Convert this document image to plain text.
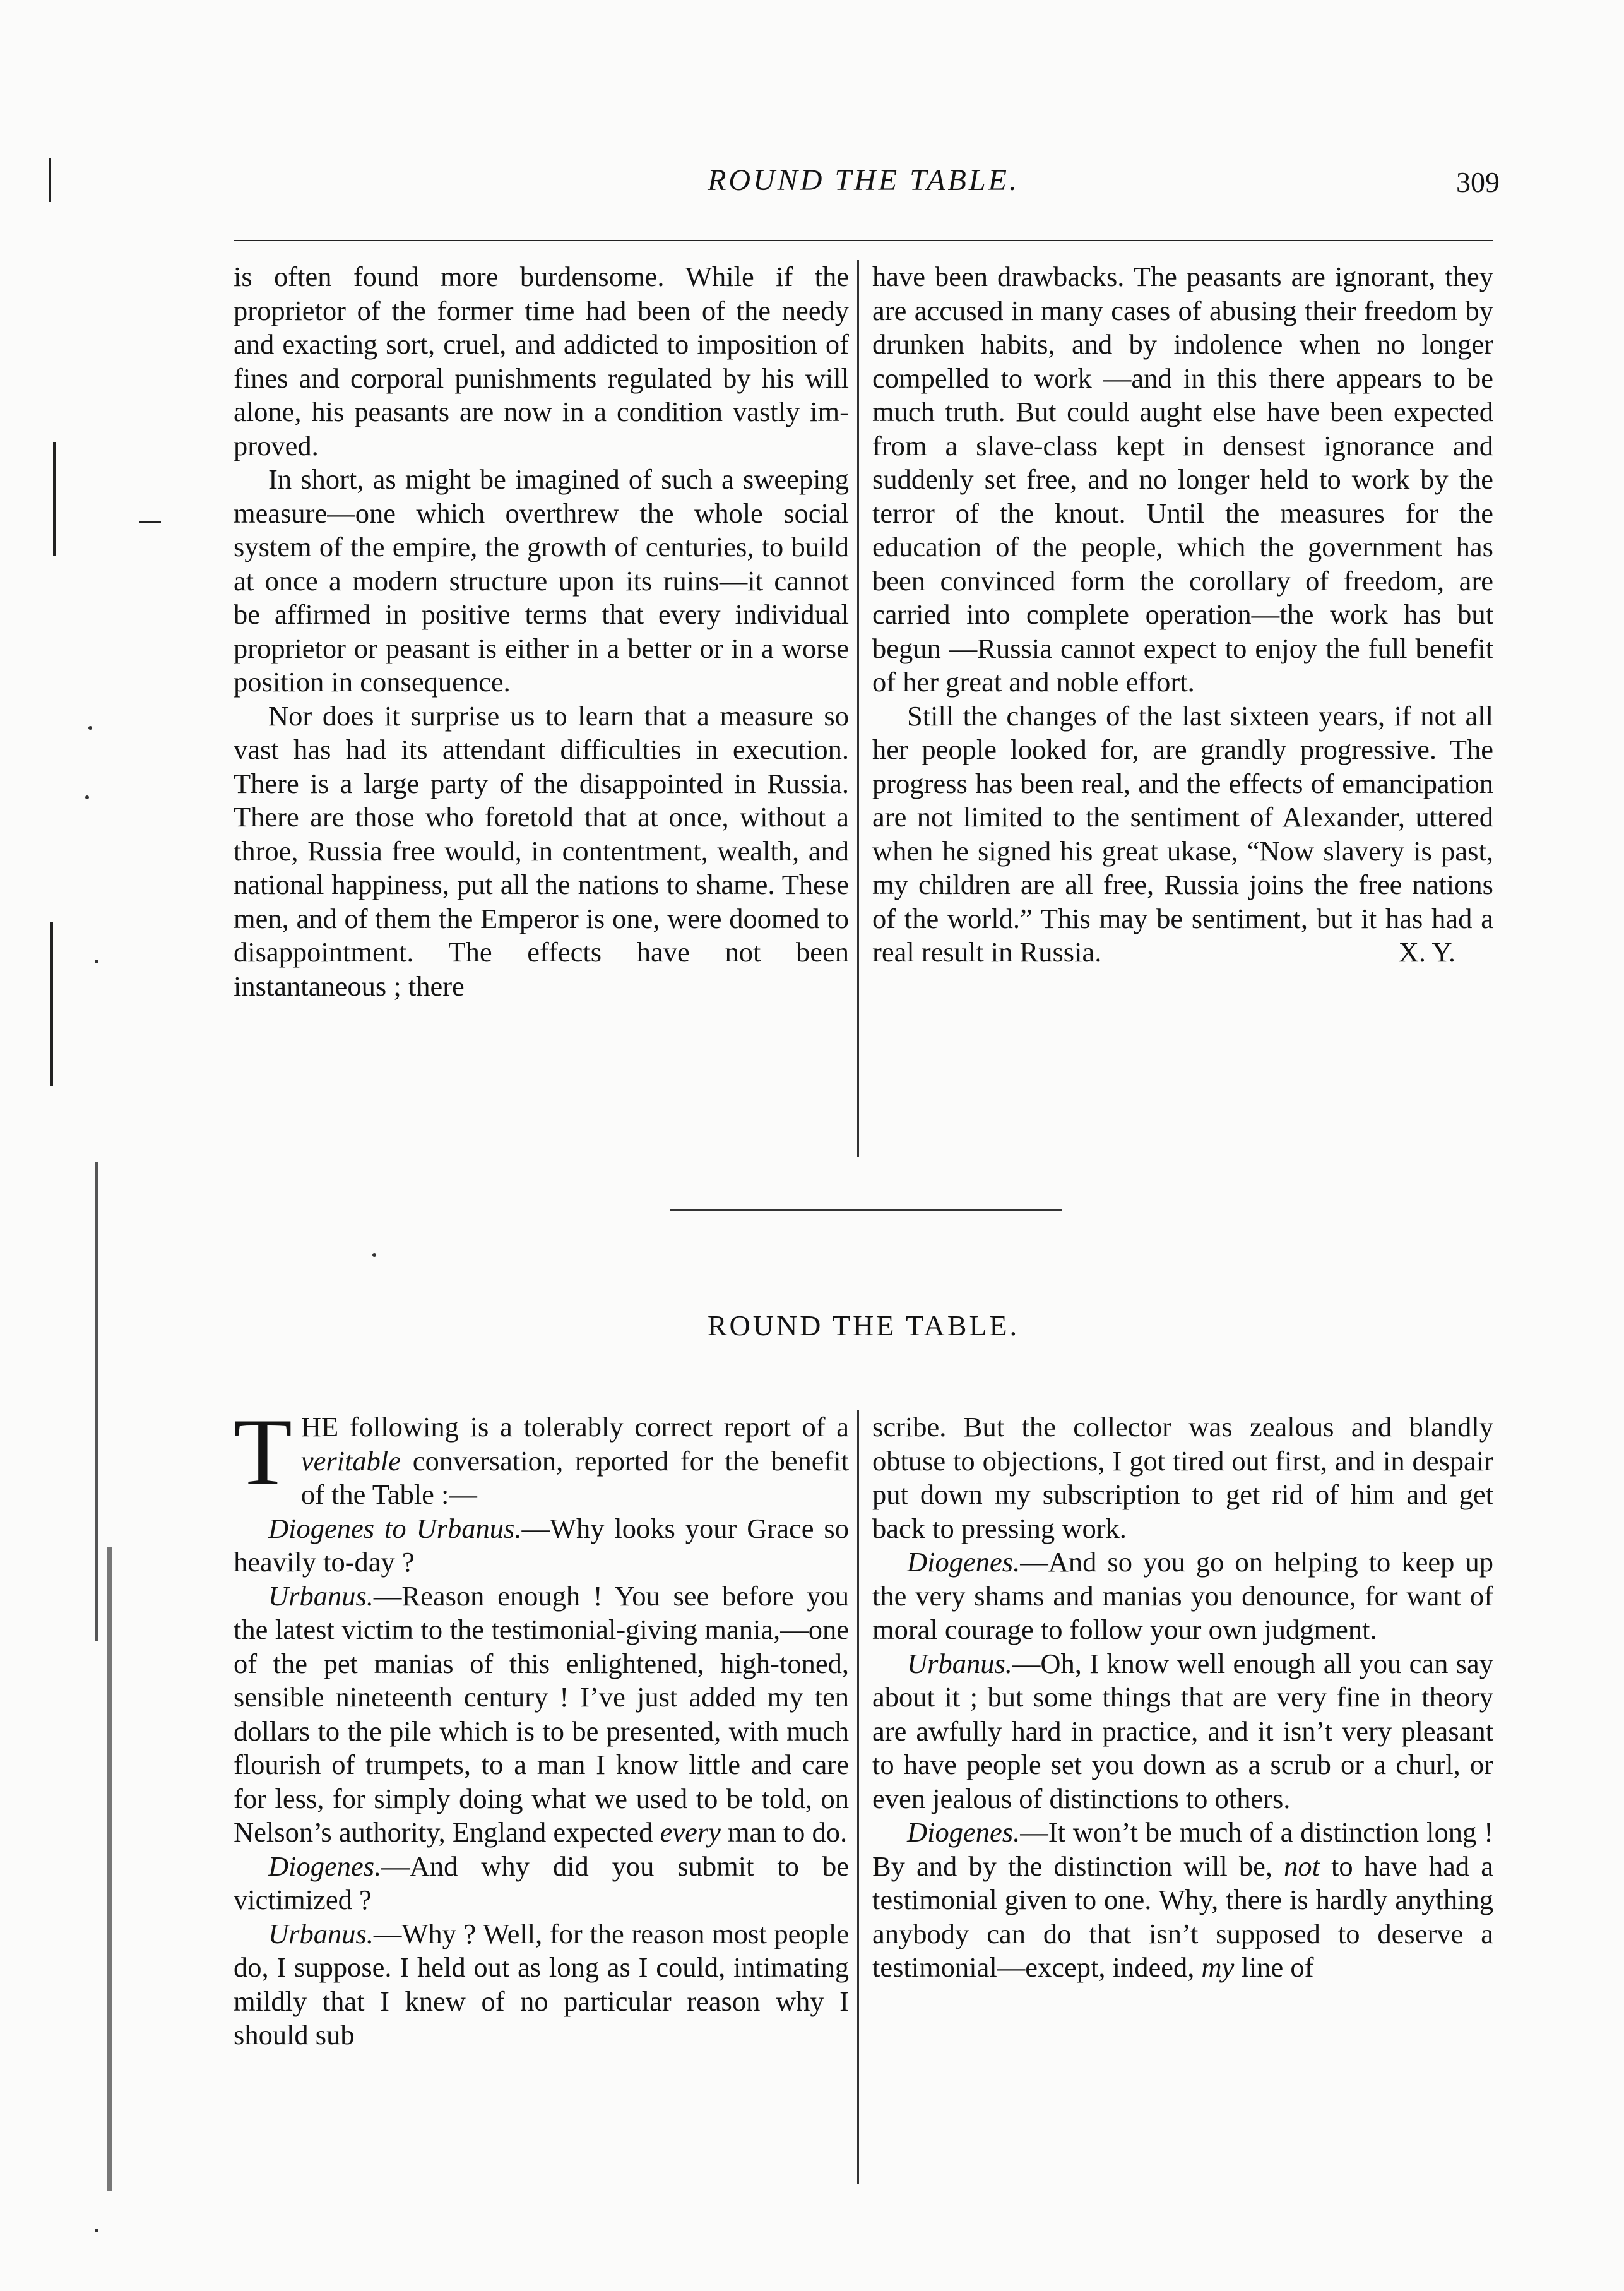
ROUND THE TABLE.	309

is often found more burdensome. While if the proprietor of the former time had been of the needy and exacting sort, cruel, and addicted to imposition of fines and corporal punishments regulated by his will alone, his peasants are now in a condition vastly improved.

In short, as might be imagined of such a sweeping measure—one which overthrew the whole social system of the empire, the growth of centuries, to build at once a modern structure upon its ruins—it cannot be affirmed in positive terms that every individual proprietor or peasant is either in a better or in a worse position in consequence.

Nor does it surprise us to learn that a measure so vast has had its attendant difficulties in execution. There is a large party of the disappointed in Russia. There are those who foretold that at once, without a throe, Russia free would, in contentment, wealth, and national happiness, put all the nations to shame. These men, and of them the Emperor is one, were doomed to disappointment. The effects have not been instantaneous ; there

have been drawbacks. The peasants are ignorant, they are accused in many cases of abusing their freedom by drunken habits, and by indolence when no longer compelled to work —and in this there appears to be much truth. But could aught else have been expected from a slave-class kept in densest ignorance and suddenly set free, and no longer held to work by the terror of the knout. Until the measures for the education of the people, which the government has been convinced form the corollary of freedom, are carried into complete operation—the work has but begun —Russia cannot expect to enjoy the full benefit of her great and noble effort.

Still the changes of the last sixteen years, if not all her people looked for, are grandly progressive. The progress has been real, and the effects of emancipation are not limited to the sentiment of Alexander, uttered when he signed his great ukase, “Now slavery is past, my children are all free, Russia joins the free nations of the world.” This may be sentiment, but it has had a real result in Russia.	X. Y.

ROUND THE TABLE.

THE following is a tolerably correct report of a veritable conversation, reported for the benefit of the Table :—

Diogenes to Urbanus.—Why looks your Grace so heavily to-day ?

Urbanus.—Reason enough ! You see before you the latest victim to the testimonial-giving mania,—one of the pet manias of this enlightened, high-toned, sensible nineteenth century ! I’ve just added my ten dollars to the pile which is to be presented, with much flourish of trumpets, to a man I know little and care for less, for simply doing what we used to be told, on Nelson’s authority, England expected every man to do.

Diogenes.—And why did you submit to be victimized ?

Urbanus.—Why ? Well, for the reason most people do, I suppose. I held out as long as I could, intimating mildly that I knew of no particular reason why I should sub

scribe. But the collector was zealous and blandly obtuse to objections, I got tired out first, and in despair put down my subscription to get rid of him and get back to pressing work.

Diogenes.—And so you go on helping to keep up the very shams and manias you denounce, for want of moral courage to follow your own judgment.

Urbanus.—Oh, I know well enough all you can say about it ; but some things that are very fine in theory are awfully hard in practice, and it isn’t very pleasant to have people set you down as a scrub or a churl, or even jealous of distinctions to others.

Diogenes.—It won’t be much of a distinction long ! By and by the distinction will be, not to have had a testimonial given to one. Why, there is hardly anything anybody can do that isn’t supposed to deserve a testimonial—except, indeed, my line of
